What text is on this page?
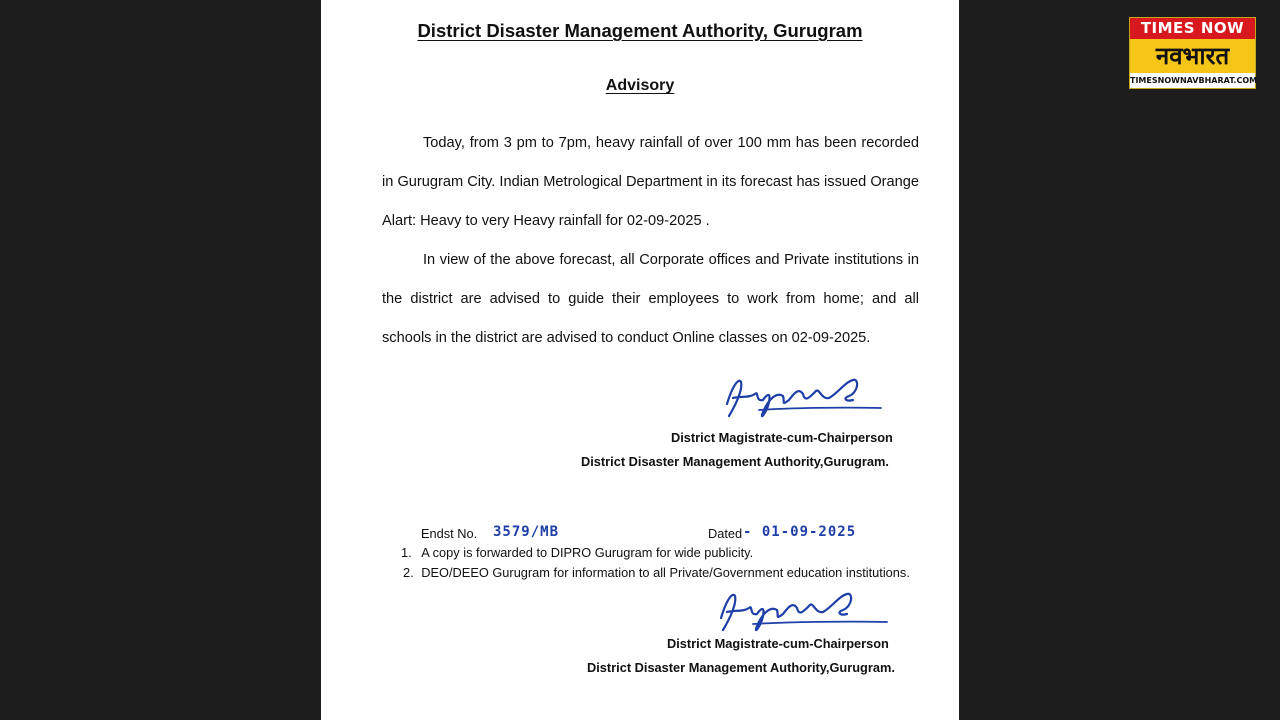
District Disaster Management Authority, Gurugram
Advisory

Today, from 3 pm to 7pm, heavy rainfall of over 100 mm has been recorded in Gurugram City. Indian Metrological Department in its forecast has issued Orange Alart: Heavy to very Heavy rainfall for 02-09-2025 .

In view of the above forecast, all Corporate offices and Private institutions in the district are advised to guide their employees to work from home; and all schools in the district are advised to conduct Online classes on 02-09-2025.

District Magistrate-cum-Chairperson
District Disaster Management Authority,Gurugram.
Endst No. 3579/MB	Dated - 01-09-2025
1. A copy is forwarded to DIPRO Gurugram for wide publicity.
2. DEO/DEEO Gurugram for information to all Private/Government education institutions.
District Magistrate-cum-Chairperson
District Disaster Management Authority,Gurugram.
TIMES NOW
नवभारत
TIMESNOWNAVBHARAT.COM
